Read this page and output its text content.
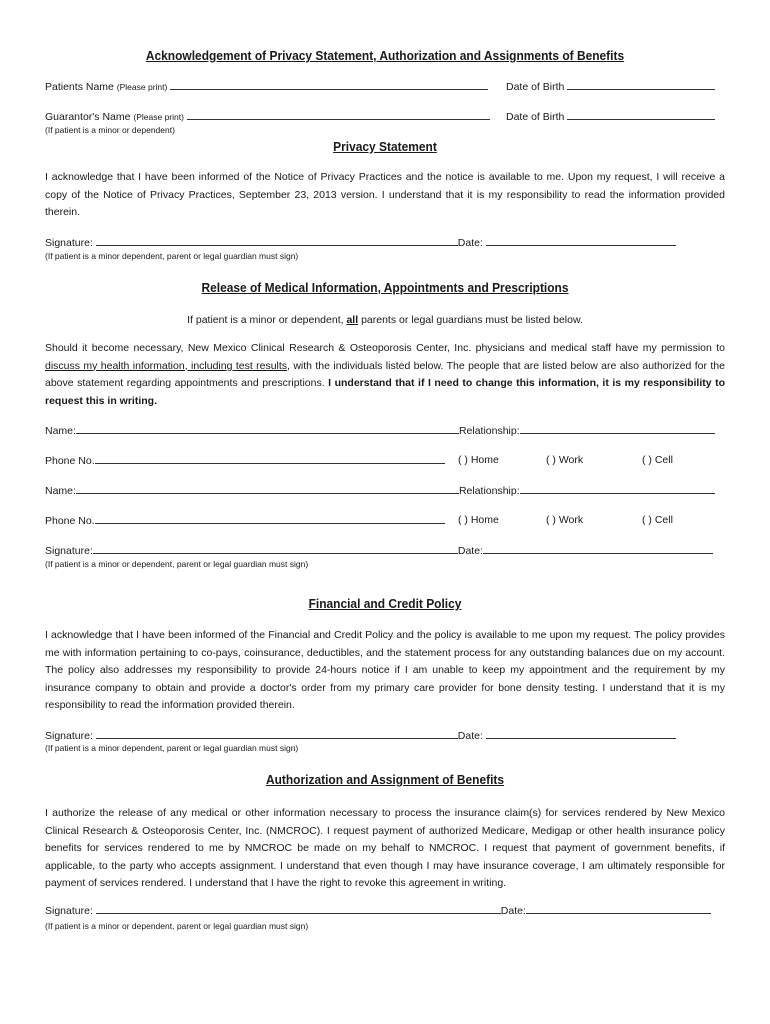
Acknowledgement of Privacy Statement, Authorization and Assignments of Benefits
Patients Name (Please print)	Date of Birth
Guarantor's Name (Please print)	Date of Birth
(If patient is a minor or dependent)
Privacy Statement

I acknowledge that I have been informed of the Notice of Privacy Practices and the notice is available to me. Upon my request, I will receive a copy of the Notice of Privacy Practices, September 23, 2013 version. I understand that it is my responsibility to read the information provided therein.

Signature:	Date:
(If patient is a minor dependent, parent or legal guardian must sign)
Release of Medical Information, Appointments and Prescriptions
If patient is a minor or dependent, all parents or legal guardians must be listed below.

Should it become necessary, New Mexico Clinical Research & Osteoporosis Center, Inc. physicians and medical staff have my permission to discuss my health information, including test results, with the individuals listed below. The people that are listed below are also authorized for the above statement regarding appointments and prescriptions. I understand that if I need to change this information, it is my responsibility to request this in writing.

Name:	Relationship:
Phone No.	( ) Home	( ) Work	( ) Cell
Name:	Relationship:
Phone No.	( ) Home	( ) Work	( ) Cell
Signature:	Date:
(If patient is a minor or dependent, parent or legal guardian must sign)
Financial and Credit Policy

I acknowledge that I have been informed of the Financial and Credit Policy and the policy is available to me upon my request. The policy provides me with information pertaining to co-pays, coinsurance, deductibles, and the statement process for any outstanding balances due on my account. The policy also addresses my responsibility to provide 24-hours notice if I am unable to keep my appointment and the requirement by my insurance company to obtain and provide a doctor's order from my primary care provider for bone density testing. I understand that it is my responsibility to read the information provided therein.

Signature:	Date:
(If patient is a minor dependent, parent or legal guardian must sign)
Authorization and Assignment of Benefits

I authorize the release of any medical or other information necessary to process the insurance claim(s) for services rendered by New Mexico Clinical Research & Osteoporosis Center, Inc. (NMCROC). I request payment of authorized Medicare, Medigap or other health insurance policy benefits for services rendered to me by NMCROC be made on my behalf to NMCROC. I request that payment of government benefits, if applicable, to the party who accepts assignment. I understand that even though I may have insurance coverage, I am ultimately responsible for payment of services rendered. I understand that I have the right to revoke this agreement in writing.

Signature:	Date:
(If patient is a minor or dependent, parent or legal guardian must sign)
